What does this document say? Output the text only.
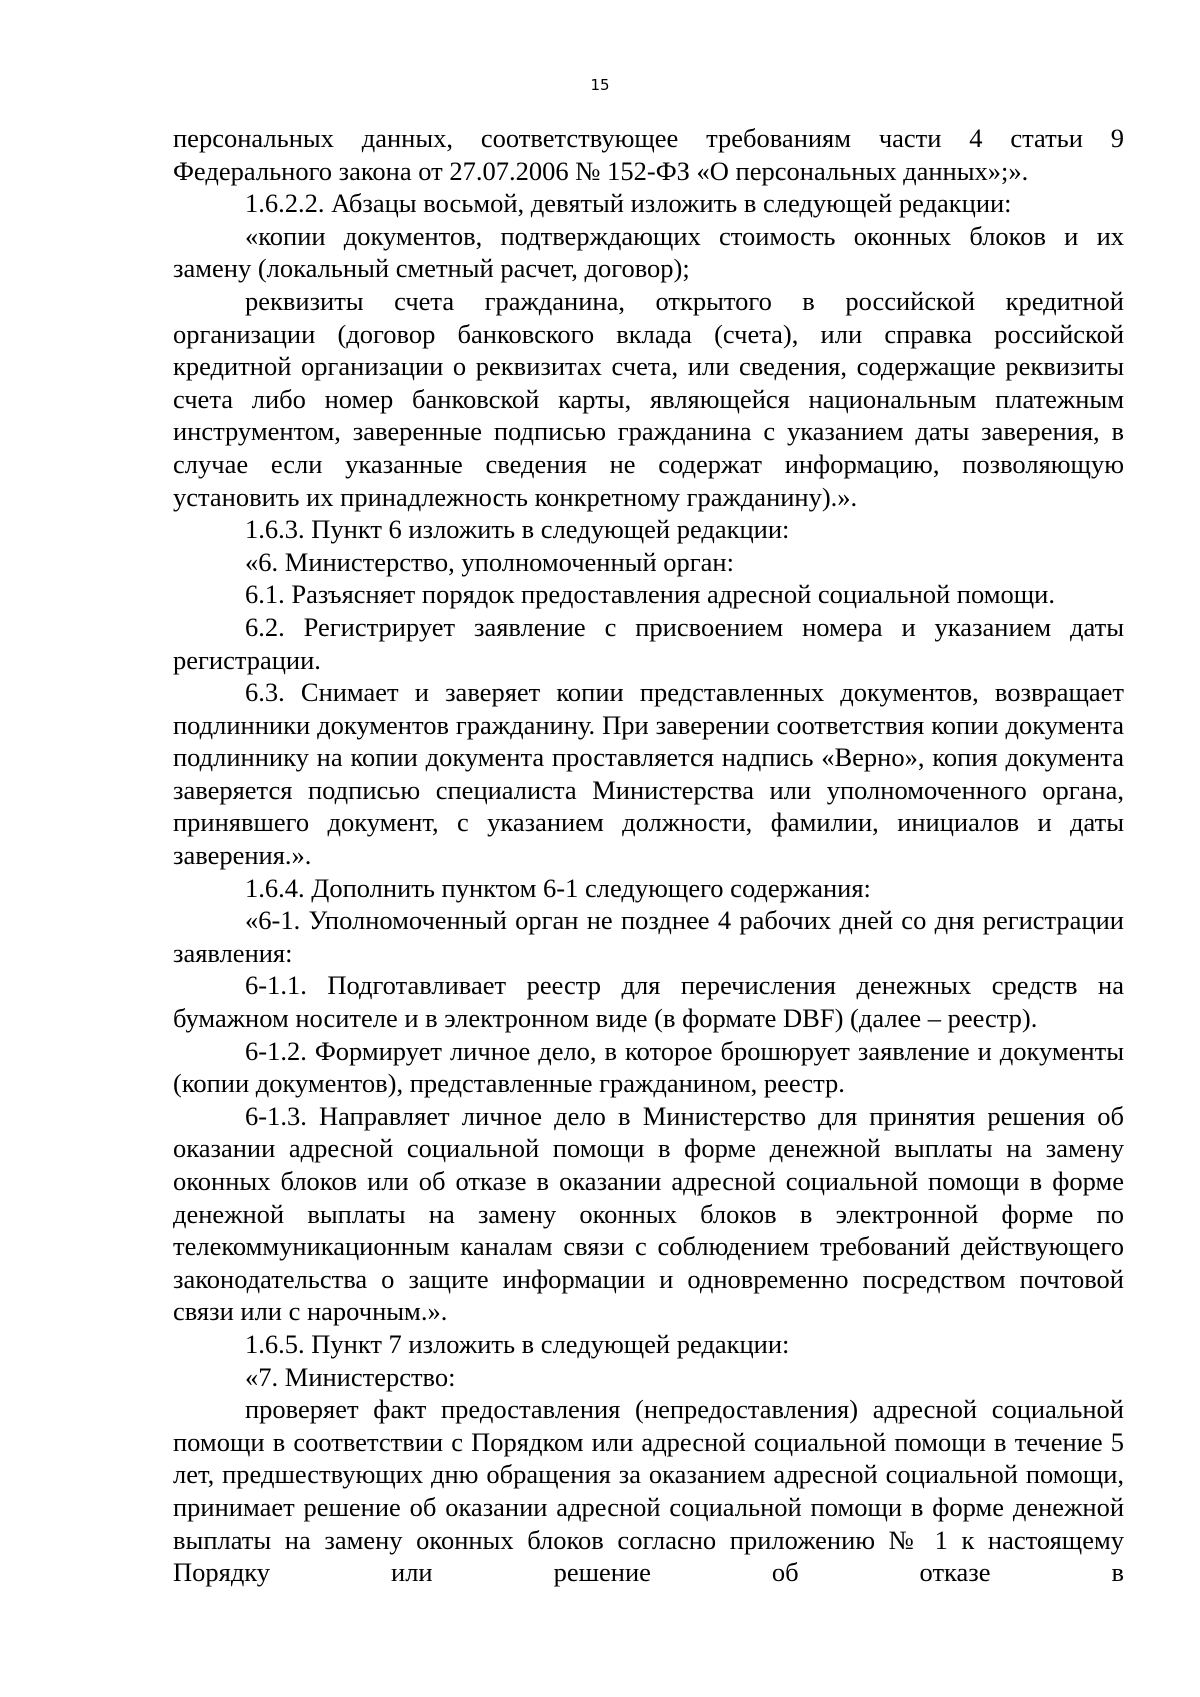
15

персональных данных, соответствующее требованиям части 4 статьи 9 Федерального закона от 27.07.2006 № 152-ФЗ «О персональных данных»;».

1.6.2.2. Абзацы восьмой, девятый изложить в следующей редакции:

«копии документов, подтверждающих стоимость оконных блоков и их замену (локальный сметный расчет, договор);

реквизиты счета гражданина, открытого в российской кредитной организации (договор банковского вклада (счета), или справка российской кредитной организации о реквизитах счета, или сведения, содержащие реквизиты счета либо номер банковской карты, являющейся национальным платежным инструментом, заверенные подписью гражданина с указанием даты заверения, в случае если указанные сведения не содержат информацию, позволяющую установить их принадлежность конкретному гражданину).».

1.6.3. Пункт 6 изложить в следующей редакции:

«6. Министерство, уполномоченный орган:

6.1. Разъясняет порядок предоставления адресной социальной помощи.

6.2. Регистрирует заявление с присвоением номера и указанием даты регистрации.

6.3. Снимает и заверяет копии представленных документов, возвращает подлинники документов гражданину. При заверении соответствия копии документа подлиннику на копии документа проставляется надпись «Верно», копия документа заверяется подписью специалиста Министерства или уполномоченного органа, принявшего документ, с указанием должности, фамилии, инициалов и даты заверения.».

1.6.4. Дополнить пунктом 6-1 следующего содержания:

«6-1. Уполномоченный орган не позднее 4 рабочих дней со дня регистрации заявления:

6-1.1. Подготавливает реестр для перечисления денежных средств на бумажном носителе и в электронном виде (в формате DBF) (далее – реестр).

6-1.2. Формирует личное дело, в которое брошюрует заявление и документы (копии документов), представленные гражданином, реестр.

6-1.3. Направляет личное дело в Министерство для принятия решения об оказании адресной социальной помощи в форме денежной выплаты на замену оконных блоков или об отказе в оказании адресной социальной помощи в форме денежной выплаты на замену оконных блоков в электронной форме по телекоммуникационным каналам связи с соблюдением требований действующего законодательства о защите информации и одновременно посредством почтовой связи или с нарочным.».

1.6.5. Пункт 7 изложить в следующей редакции:

«7. Министерство:

проверяет факт предоставления (непредоставления) адресной социальной помощи в соответствии с Порядком или адресной социальной помощи в течение 5 лет, предшествующих дню обращения за оказанием адресной социальной помощи, принимает решение об оказании адресной социальной помощи в форме денежной выплаты на замену оконных блоков согласно приложению № 1 к настоящему Порядку или решение об отказе в
